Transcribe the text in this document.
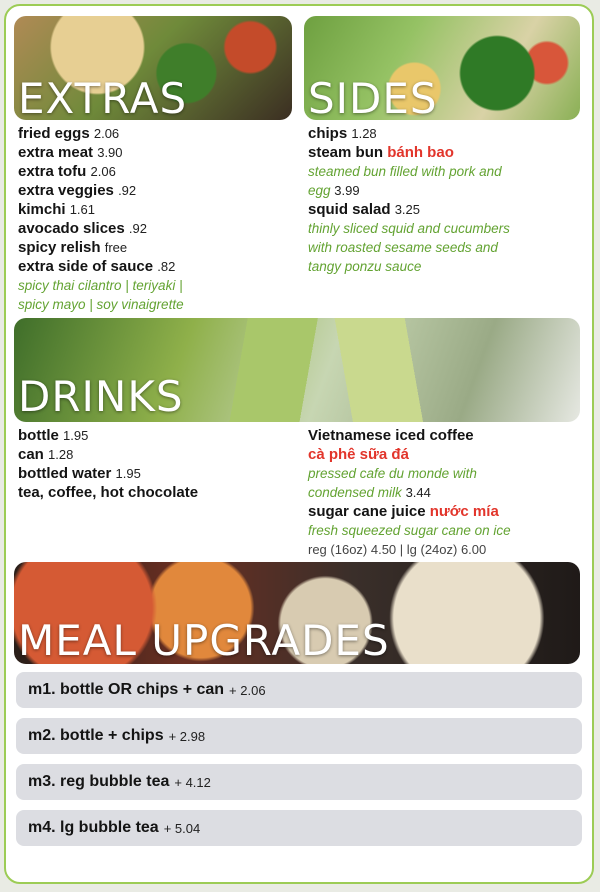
EXTRAS	SIDES
fried eggs 2.06
extra meat 3.90
extra tofu 2.06
extra veggies .92
kimchi 1.61
avocado slices .92
spicy relish free
extra side of sauce .82
spicy thai cilantro | teriyaki |
spicy mayo | soy vinaigrette
chips 1.28
steam bun bánh bao
steamed bun filled with pork and
egg 3.99
squid salad 3.25
thinly sliced squid and cucumbers
with roasted sesame seeds and
tangy ponzu sauce
DRINKS
bottle 1.95
can 1.28
bottled water 1.95
tea, coffee, hot chocolate
Vietnamese iced coffee
cà phê sữa đá
pressed cafe du monde with
condensed milk 3.44
sugar cane juice nước mía
fresh squeezed sugar cane on ice
reg (16oz) 4.50 | lg (24oz) 6.00
MEAL UPGRADES
m1. bottle OR chips + can + 2.06
m2. bottle + chips + 2.98
m3. reg bubble tea + 4.12
m4. lg bubble tea + 5.04
